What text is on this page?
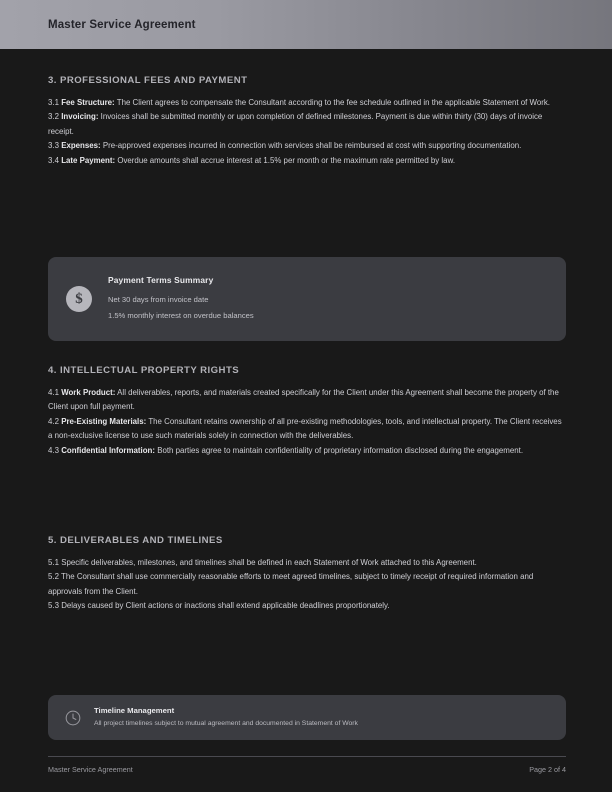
Master Service Agreement
3. PROFESSIONAL FEES AND PAYMENT

3.1 Fee Structure: The Client agrees to compensate the Consultant according to the fee schedule outlined in the applicable Statement of Work.

3.2 Invoicing: Invoices shall be submitted monthly or upon completion of defined milestones. Payment is due within thirty (30) days of invoice receipt.

3.3 Expenses: Pre-approved expenses incurred in connection with services shall be reimbursed at cost with supporting documentation.

3.4 Late Payment: Overdue amounts shall accrue interest at 1.5% per month or the maximum rate permitted by law.

$
Payment Terms Summary
Net 30 days from invoice date
1.5% monthly interest on overdue balances
4. INTELLECTUAL PROPERTY RIGHTS

4.1 Work Product: All deliverables, reports, and materials created specifically for the Client under this Agreement shall become the property of the Client upon full payment.

4.2 Pre-Existing Materials: The Consultant retains ownership of all pre-existing methodologies, tools, and intellectual property. The Client receives a non-exclusive license to use such materials solely in connection with the deliverables.

4.3 Confidential Information: Both parties agree to maintain confidentiality of proprietary information disclosed during the engagement.

5. DELIVERABLES AND TIMELINES

5.1 Specific deliverables, milestones, and timelines shall be defined in each Statement of Work attached to this Agreement.

5.2 The Consultant shall use commercially reasonable efforts to meet agreed timelines, subject to timely receipt of required information and approvals from the Client.

5.3 Delays caused by Client actions or inactions shall extend applicable deadlines proportionately.

Timeline Management
All project timelines subject to mutual agreement and documented in Statement of Work
Master Service Agreement	Page 2 of 4
